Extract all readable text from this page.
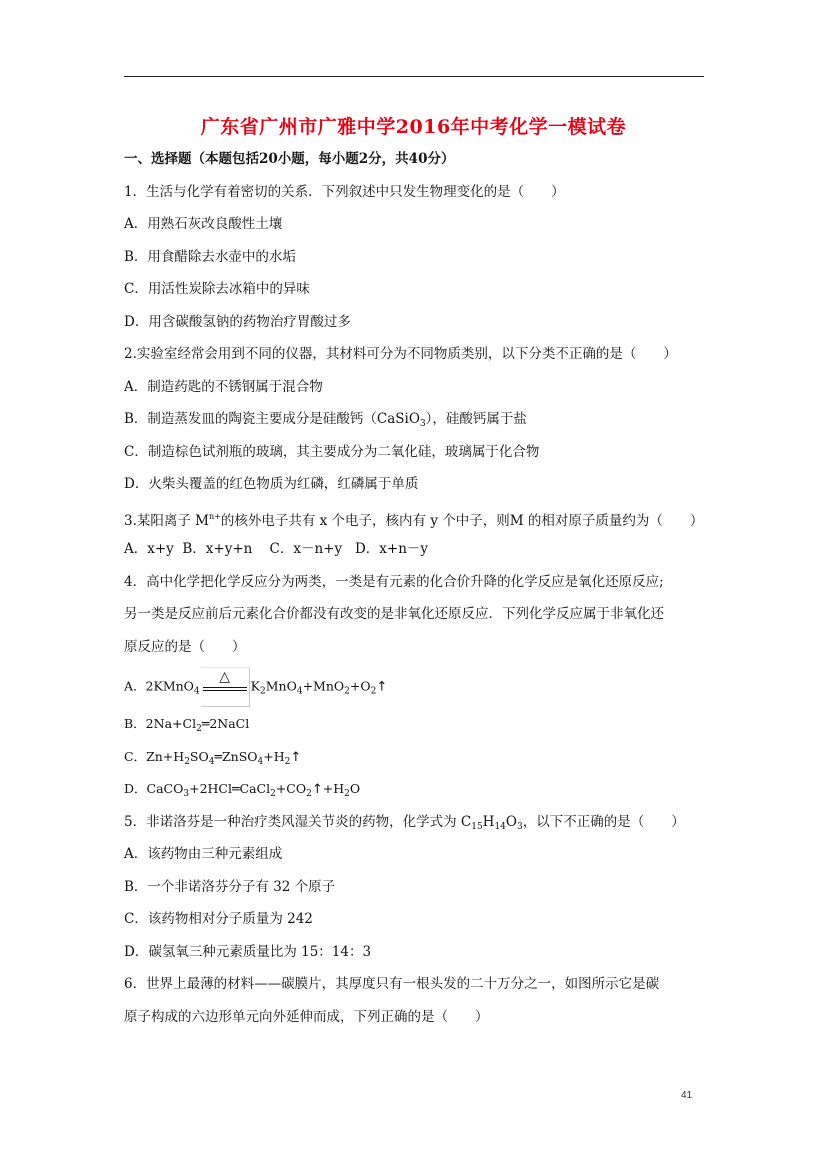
广东省广州市广雅中学2016年中考化学一模试卷
一、选择题（本题包括20小题，每小题2分，共40分）
1．生活与化学有着密切的关系．下列叙述中只发生物理变化的是（　　）
A．用熟石灰改良酸性土壤
B．用食醋除去水壶中的水垢
C．用活性炭除去冰箱中的异味
D．用含碳酸氢钠的药物治疗胃酸过多
2.实验室经常会用到不同的仪器，其材料可分为不同物质类别，以下分类不正确的是（　　）
A．制造药匙的不锈钢属于混合物
B．制造蒸发皿的陶瓷主要成分是硅酸钙（CaSiO$_3$），硅酸钙属于盐
C．制造棕色试剂瓶的玻璃，其主要成分为二氧化硅，玻璃属于化合物
D．火柴头覆盖的红色物质为红磷，红磷属于单质
3.某阳离子 $M^{n+}$的核外电子共有 x 个电子，核内有 y 个中子，则M 的相对原子质量约为（　　）
A．x+y  B．x+y+n    C．x－n+y   D．x+n－y
4．高中化学把化学反应分为两类，一类是有元素的化合价升降的化学反应是氧化还原反应;
另一类是反应前后元素化合价都没有改变的是非氧化还原反应．下列化学反应属于非氧化还
原反应的是（　　）
A．2KMnO$_4$
△
$K_2MnO_4+MnO_2+O_2↑$
B．$2Na+Cl_2═2NaCl$
C．$Zn+H_2SO_4═ZnSO_4+H_2↑$
D．$CaCO_3+2HCl═CaCl_2+CO_2↑+H_2O$
5．非诺洛芬是一种治疗类风湿关节炎的药物，化学式为 $C_{15}H_{14}O_3$，以下不正确的是（　　）
A．该药物由三种元素组成
B．一个非诺洛芬分子有 32 个原子
C．该药物相对分子质量为 242
D．碳氢氧三种元素质量比为 15：14：3
6．世界上最薄的材料——碳膜片，其厚度只有一根头发的二十万分之一，如图所示它是碳
原子构成的六边形单元向外延伸而成，下列正确的是（　　）
41
